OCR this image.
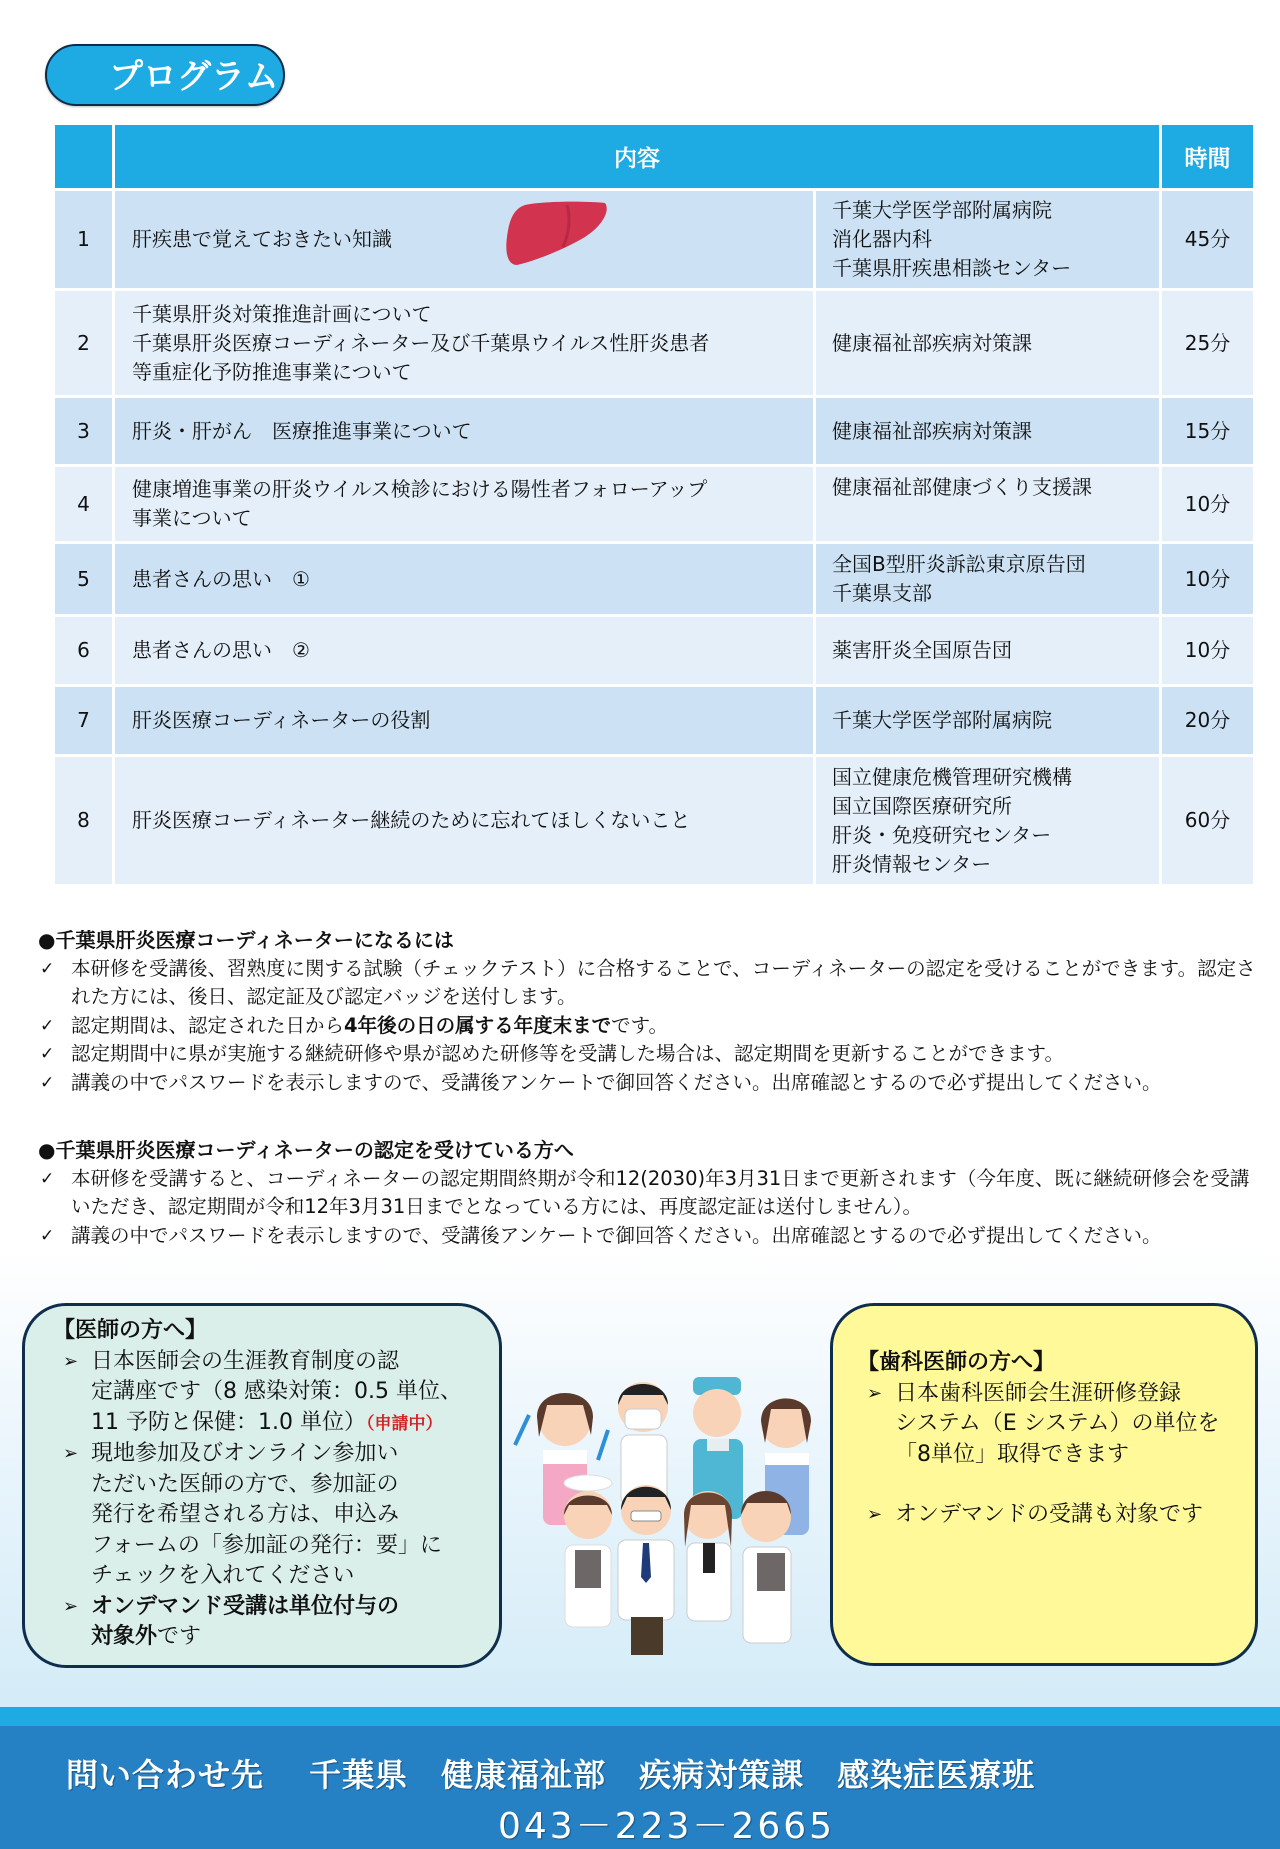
プログラム
	内容		時間
1	肝疾患で覚えておきたい知識	千葉大学医学部附属病院
消化器内科
千葉県肝疾患相談センター	45分
2	千葉県肝炎対策推進計画について
千葉県肝炎医療コーディネーター及び千葉県ウイルス性肝炎患者
等重症化予防推進事業について	健康福祉部疾病対策課	25分
3	肝炎・肝がん　医療推進事業について	健康福祉部疾病対策課	15分
4	健康増進事業の肝炎ウイルス検診における陽性者フォローアップ
事業について	健康福祉部健康づくり支援課	10分
5	患者さんの思い　①	全国B型肝炎訴訟東京原告団
千葉県支部	10分
6	患者さんの思い　②	薬害肝炎全国原告団	10分
7	肝炎医療コーディネーターの役割	千葉大学医学部附属病院	20分
8	肝炎医療コーディネーター継続のために忘れてほしくないこと	国立健康危機管理研究機構
国立国際医療研究所
肝炎・免疫研究センター
肝炎情報センター	60分
●千葉県肝炎医療コーディネーターになるには
✓ 本研修を受講後、習熟度に関する試験（チェックテスト）に合格することで、コーディネーターの認定を受けることができます。認定された方には、後日、認定証及び認定バッジを送付します。
✓ 認定期間は、認定された日から4年後の日の属する年度末までです。
✓ 認定期間中に県が実施する継続研修や県が認めた研修等を受講した場合は、認定期間を更新することができます。
✓ 講義の中でパスワードを表示しますので、受講後アンケートで御回答ください。出席確認とするので必ず提出してください。
●千葉県肝炎医療コーディネーターの認定を受けている方へ
✓ 本研修を受講すると、コーディネーターの認定期間終期が令和12(2030)年3月31日まで更新されます（今年度、既に継続研修会を受講いただき、認定期間が令和12年3月31日までとなっている方には、再度認定証は送付しません）。
✓ 講義の中でパスワードを表示しますので、受講後アンケートで御回答ください。出席確認とするので必ず提出してください。
【医師の方へ】
➢ 日本医師会の生涯教育制度の認
定講座です（8 感染対策：0.5 単位、
11 予防と保健：1.0 単位）（申請中）
➢ 現地参加及びオンライン参加い
ただいた医師の方で、参加証の
発行を希望される方は、申込み
フォームの「参加証の発行：要」に
チェックを入れてください
➢ オンデマンド受講は単位付与の
対象外です
【歯科医師の方へ】
➢ 日本歯科医師会生涯研修登録
システム（E システム）の単位を
「8単位」取得できます
➢ オンデマンドの受講も対象です
問い合わせ先　 千葉県　健康福祉部　疾病対策課　感染症医療班
043－223－2665
